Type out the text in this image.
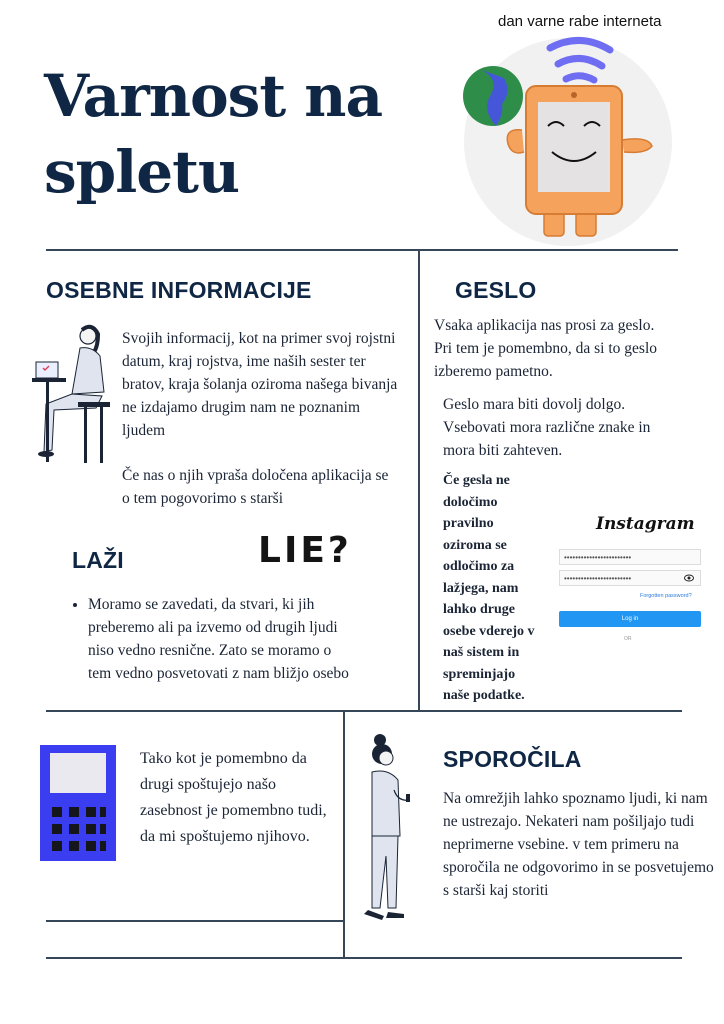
Varnost na spletu
dan varne rabe interneta
OSEBNE INFORMACIJE
Svojih informacij, kot na primer svoj rojstni datum, kraj rojstva, ime naših sester ter bratov, kraja šolanja oziroma našega bivanja ne izdajamo drugim nam ne poznanim ljudem
Če nas o njih vpraša določena aplikacija se o tem pogovorimo s starši
LAŽI	LIE?
• Moramo se zavedati, da stvari, ki jih preberemo ali pa izvemo od drugih ljudi niso vedno resnične. Zato se moramo o tem vedno posvetovati z nam bližjo osebo
GESLO
Vsaka aplikacija nas prosi za geslo. Pri tem je pomembno, da si to geslo izberemo pametno.
Geslo mara biti dovolj dolgo. Vsebovati mora različne znake in mora biti zahteven.
Če gesla ne določimo pravilno oziroma se odločimo za lažjega, nam lahko druge osebe vderejo v naš sistem in spreminjajo naše podatke.
Instagram
••••••••••••••••••••••••
••••••••••••••••••••••••
Forgotten password?
Log in
OR
Tako kot je pomembno da drugi spoštujejo našo zasebnost je pomembno tudi, da mi spoštujemo njihovo.
SPOROČILA
Na omrežjih lahko spoznamo ljudi, ki nam ne ustrezajo. Nekateri nam pošiljajo tudi neprimerne vsebine. v tem primeru na sporočila ne odgovorimo in se posvetujemo s starši kaj storiti
